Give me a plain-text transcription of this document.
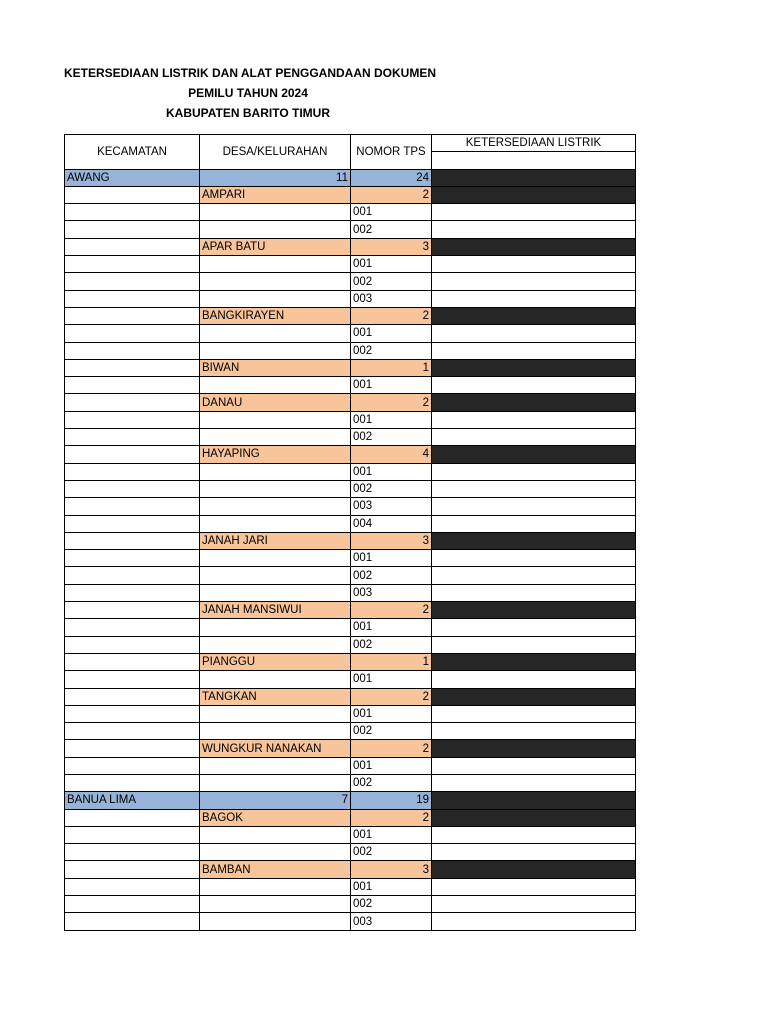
KETERSEDIAAN LISTRIK DAN ALAT PENGGANDAAN DOKUMEN
PEMILU TAHUN 2024
KABUPATEN BARITO TIMUR
KECAMATAN	DESA/KELURAHAN	NOMOR TPS	KETERSEDIAAN LISTRIK

AWANG	11	24	
	AMPARI	2	
		001	
		002	
	APAR BATU	3	
		001	
		002	
		003	
	BANGKIRAYEN	2	
		001	
		002	
	BIWAN	1	
		001	
	DANAU	2	
		001	
		002	
	HAYAPING	4	
		001	
		002	
		003	
		004	
	JANAH JARI	3	
		001	
		002	
		003	
	JANAH MANSIWUI	2	
		001	
		002	
	PIANGGU	1	
		001	
	TANGKAN	2	
		001	
		002	
	WUNGKUR NANAKAN	2	
		001	
		002	
BANUA LIMA	7	19	
	BAGOK	2	
		001	
		002	
	BAMBAN	3	
		001	
		002	
		003	
